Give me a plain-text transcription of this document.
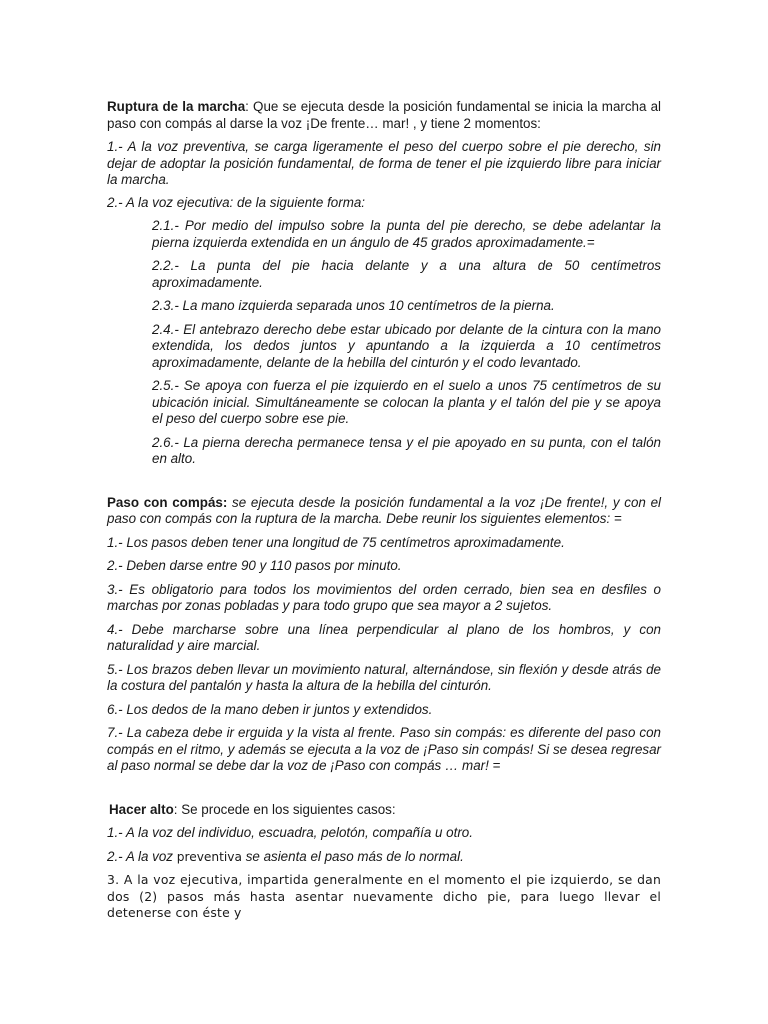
Ruptura de la marcha: Que se ejecuta desde la posición fundamental se inicia la marcha al paso con compás al darse la voz ¡De frente… mar! , y tiene 2 momentos:

1.- A la voz preventiva, se carga ligeramente el peso del cuerpo sobre el pie derecho, sin dejar de adoptar la posición fundamental, de forma de tener el pie izquierdo libre para iniciar la marcha.

2.- A la voz ejecutiva: de la siguiente forma:

2.1.- Por medio del impulso sobre la punta del pie derecho, se debe adelantar la pierna izquierda extendida en un ángulo de 45 grados aproximadamente.=

2.2.- La punta del pie hacia delante y a una altura de 50 centímetros aproximadamente.

2.3.- La mano izquierda separada unos 10 centímetros de la pierna.

2.4.- El antebrazo derecho debe estar ubicado por delante de la cintura con la mano extendida, los dedos juntos y apuntando a la izquierda a 10 centímetros aproximadamente, delante de la hebilla del cinturón y el codo levantado.

2.5.- Se apoya con fuerza el pie izquierdo en el suelo a unos 75 centímetros de su ubicación inicial. Simultáneamente se colocan la planta y el talón del pie y se apoya el peso del cuerpo sobre ese pie.

2.6.- La pierna derecha permanece tensa y el pie apoyado en su punta, con el talón en alto.

Paso con compás: se ejecuta desde la posición fundamental a la voz ¡De frente!, y con el paso con compás con la ruptura de la marcha. Debe reunir los siguientes elementos: =

1.- Los pasos deben tener una longitud de 75 centímetros aproximadamente.

2.- Deben darse entre 90 y 110 pasos por minuto.

3.- Es obligatorio para todos los movimientos del orden cerrado, bien sea en desfiles o marchas por zonas pobladas y para todo grupo que sea mayor a 2 sujetos.

4.- Debe marcharse sobre una línea perpendicular al plano de los hombros, y con naturalidad y aire marcial.

5.- Los brazos deben llevar un movimiento natural, alternándose, sin flexión y desde atrás de la costura del pantalón y hasta la altura de la hebilla del cinturón.

6.- Los dedos de la mano deben ir juntos y extendidos.

7.- La cabeza debe ir erguida y la vista al frente. Paso sin compás: es diferente del paso con compás en el ritmo, y además se ejecuta a la voz de ¡Paso sin compás! Si se desea regresar al paso normal se debe dar la voz de ¡Paso con compás … mar! =

Hacer alto: Se procede en los siguientes casos:

1.- A la voz del individuo, escuadra, pelotón, compañía u otro.

2.- A la voz preventiva se asienta el paso más de lo normal.

3. A la voz ejecutiva, impartida generalmente en el momento el pie izquierdo, se dan dos (2) pasos más hasta asentar nuevamente dicho pie, para luego llevar el detenerse con éste y
